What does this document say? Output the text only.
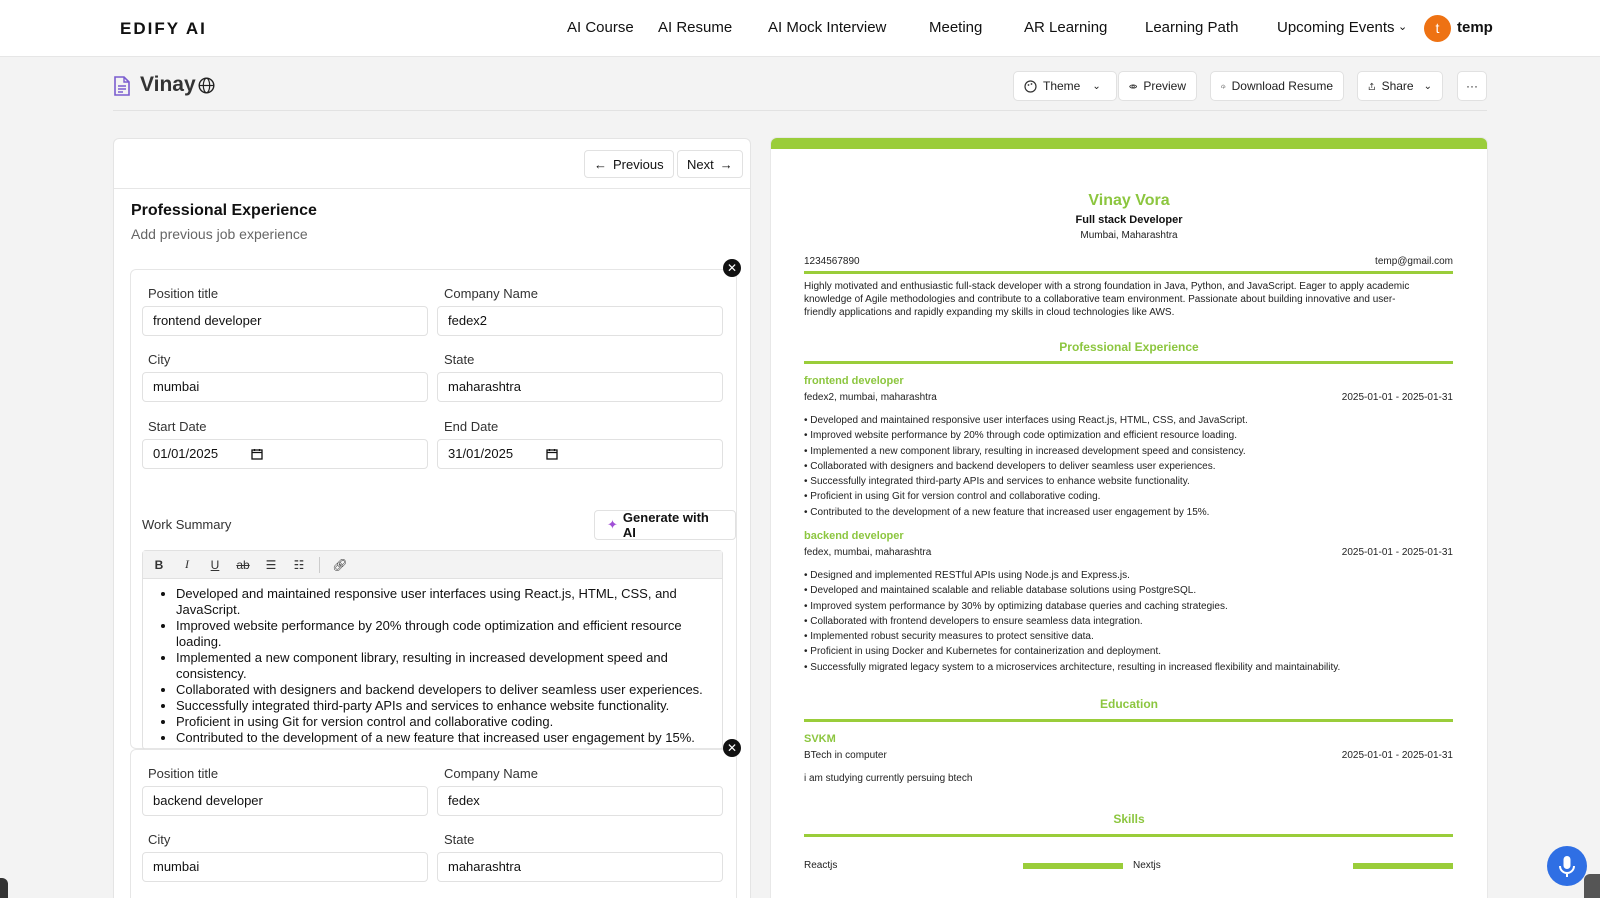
EDIFY AI	AI Course AI Resume AI Mock Interview	Meeting	AR Learning	Learning Path	Upcoming Events ⌄	t	temp
Vinay	Theme ⌄	Preview	Download Resume	Share ⌄	···
← Previous Next →
Professional Experience
Add previous job experience
Position title	Company Name
frontend developer	fedex2
City	State
mumbai	maharashtra
Start Date	End Date
01/01/2025	31/01/2025
Work Summary	✦ Generate with AI
B	I	U	ab ☰ ☷ 🔗︎
• Developed and maintained responsive user interfaces using React.js, HTML, CSS, and JavaScript.
• Improved website performance by 20% through code optimization and efficient resource loading.
• Implemented a new component library, resulting in increased development speed and consistency.
• Collaborated with designers and backend developers to deliver seamless user experiences.
• Successfully integrated third-party APIs and services to enhance website functionality.
• Proficient in using Git for version control and collaborative coding.
• Contributed to the development of a new feature that increased user engagement by 15%.
✕
Position title	Company Name
backend developer	fedex
City	State
mumbai	maharashtra
✕
Vinay Vora
Full stack Developer
Mumbai, Maharashtra
1234567890	temp@gmail.com
Highly motivated and enthusiastic full-stack developer with a strong foundation in Java, Python, and JavaScript. Eager to apply academic
knowledge of Agile methodologies and contribute to a collaborative team environment. Passionate about building innovative and user-
friendly applications and rapidly expanding my skills in cloud technologies like AWS.
Professional Experience
frontend developer
fedex2, mumbai, maharashtra	2025-01-01 - 2025-01-31
• Developed and maintained responsive user interfaces using React.js, HTML, CSS, and JavaScript.
• Improved website performance by 20% through code optimization and efficient resource loading.
• Implemented a new component library, resulting in increased development speed and consistency.
• Collaborated with designers and backend developers to deliver seamless user experiences.
• Successfully integrated third-party APIs and services to enhance website functionality.
• Proficient in using Git for version control and collaborative coding.
• Contributed to the development of a new feature that increased user engagement by 15%.
backend developer
fedex, mumbai, maharashtra	2025-01-01 - 2025-01-31
• Designed and implemented RESTful APIs using Node.js and Express.js.
• Developed and maintained scalable and reliable database solutions using PostgreSQL.
• Improved system performance by 30% by optimizing database queries and caching strategies.
• Collaborated with frontend developers to ensure seamless data integration.
• Implemented robust security measures to protect sensitive data.
• Proficient in using Docker and Kubernetes for containerization and deployment.
• Successfully migrated legacy system to a microservices architecture, resulting in increased flexibility and maintainability.
Education
SVKM
BTech in computer	2025-01-01 - 2025-01-31
i am studying currently persuing btech
Skills
Reactjs	Nextjs
